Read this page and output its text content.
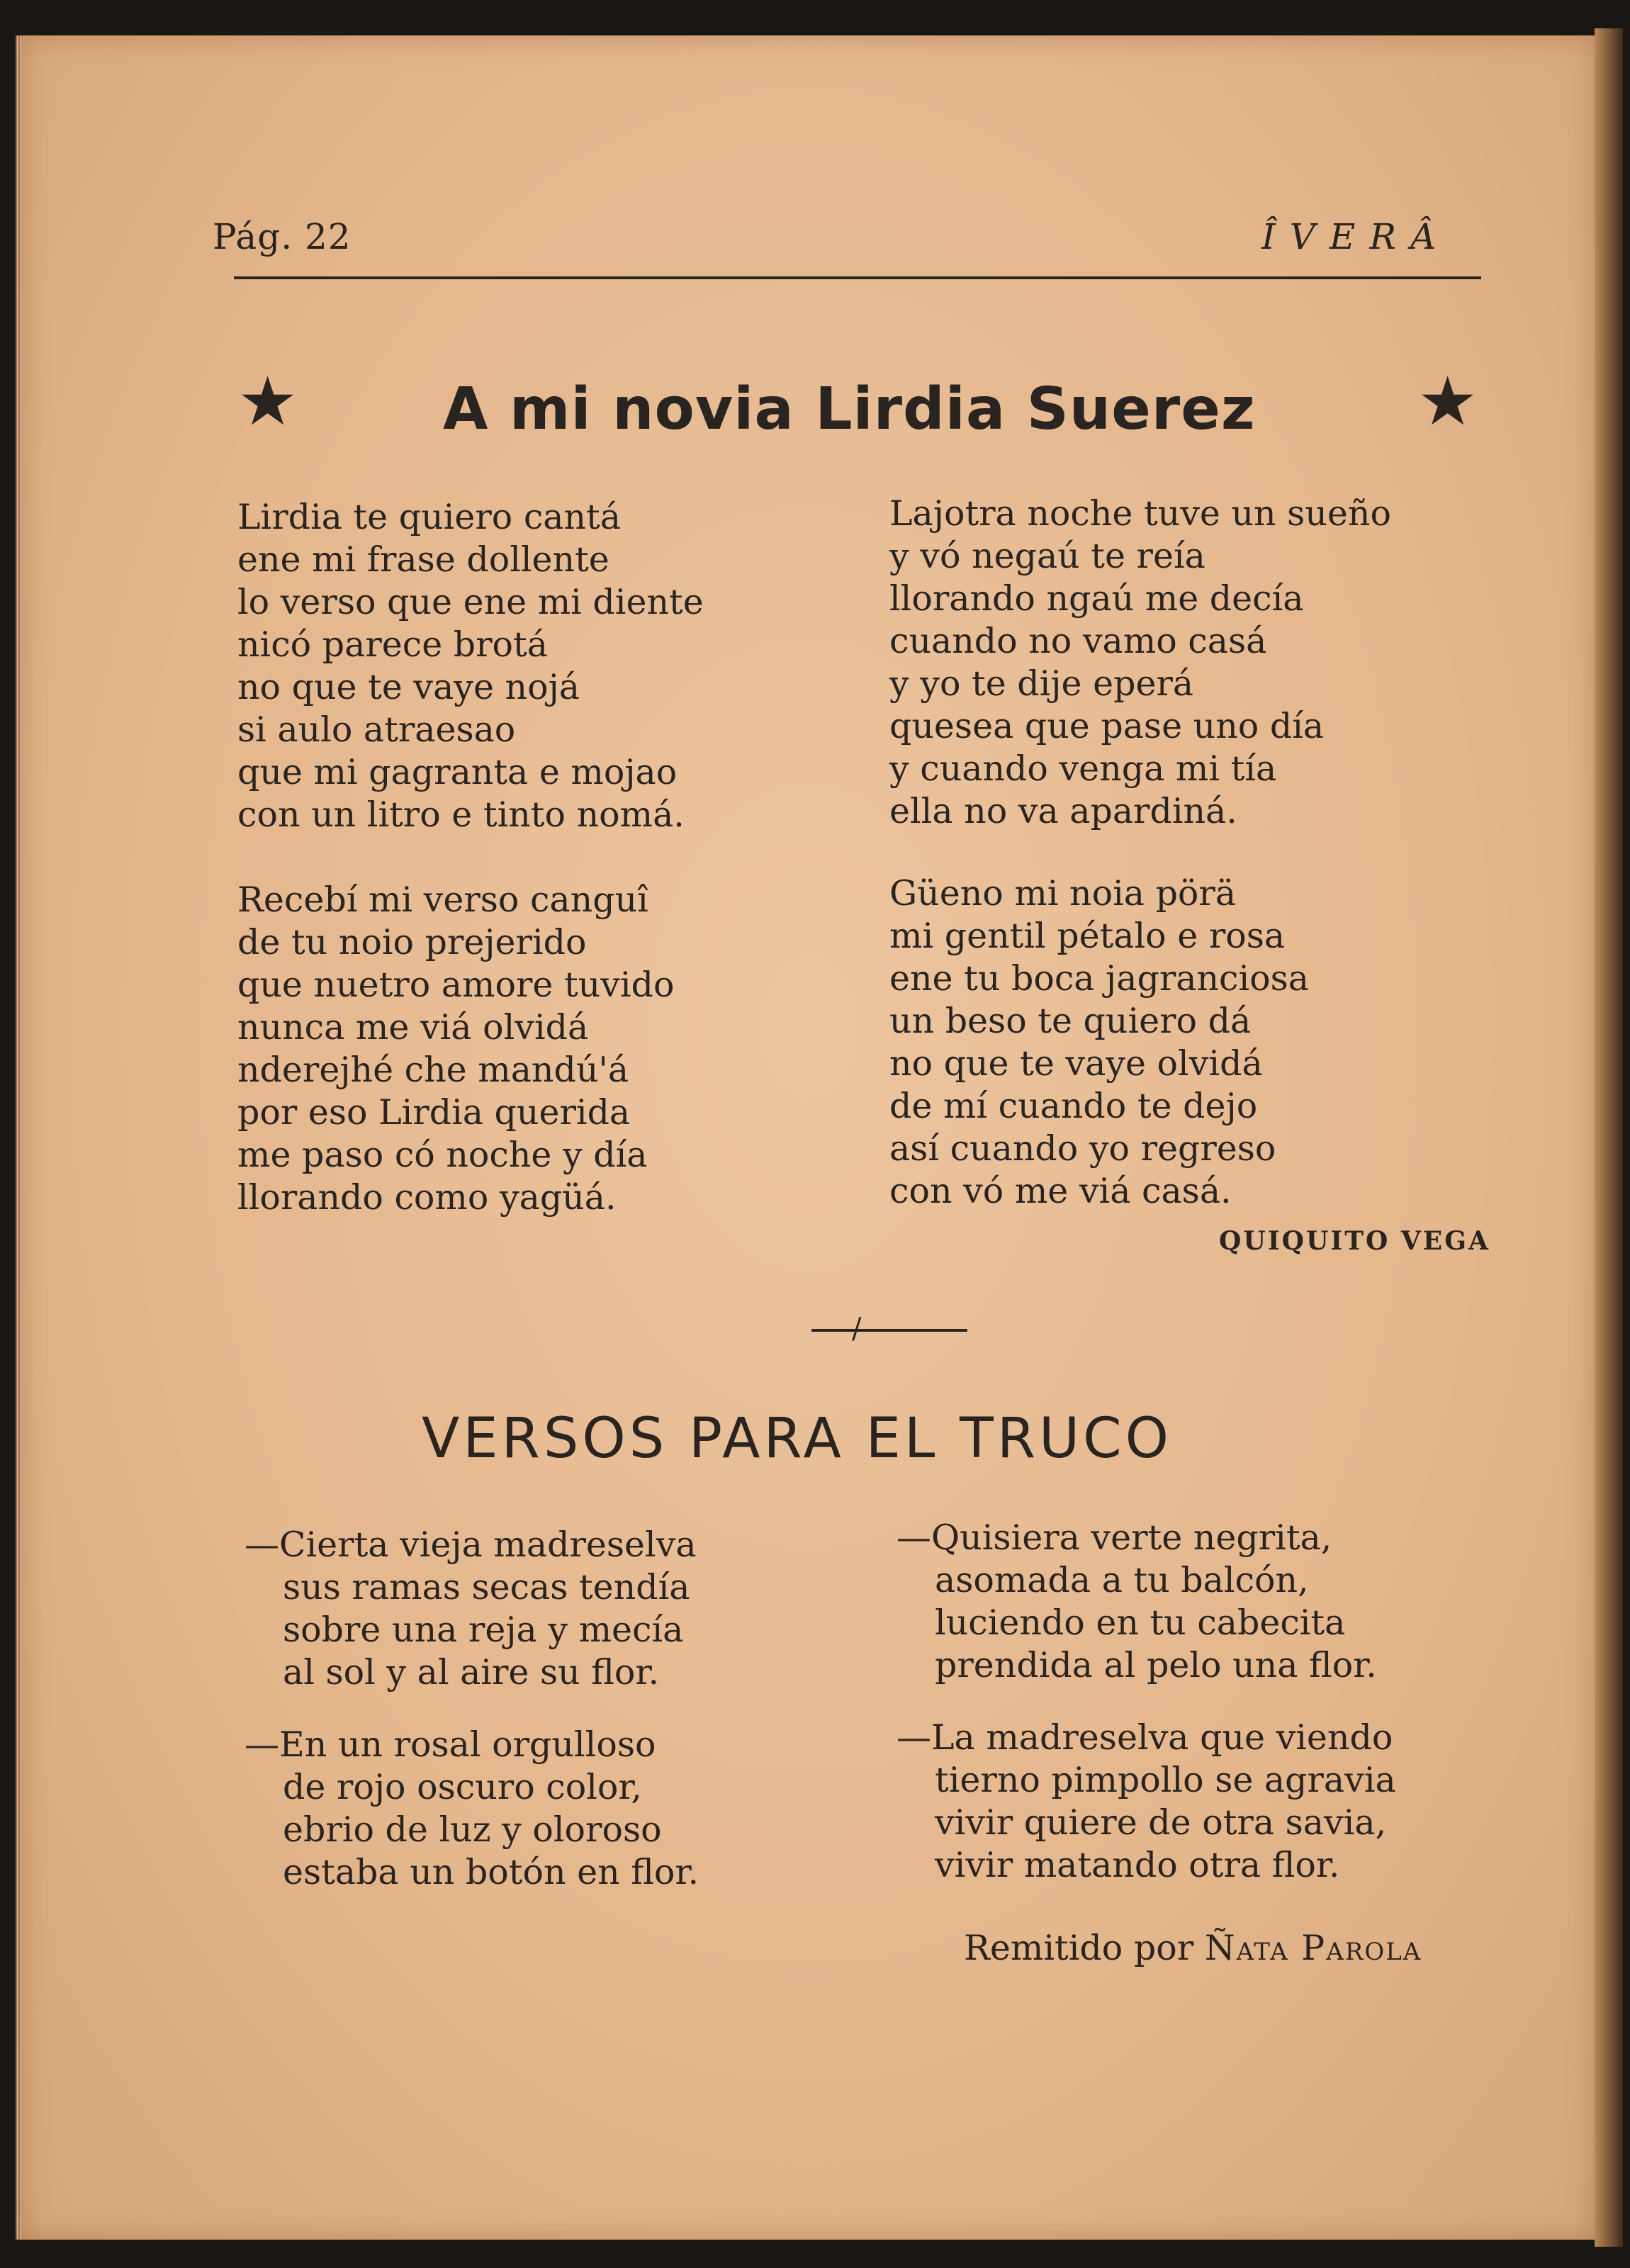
Pág. 22	ÎVERÂ
★ A mi novia Lirdia Suerez ★
Lirdia te quiero cantá
ene mi frase dollente
lo verso que ene mi diente
nicó parece brotá
no que te vaye nojá
si aulo atraesao
que mi gagranta e mojao
con un litro e tinto nomá.
Recebí mi verso canguî
de tu noio prejerido
que nuetro amore tuvido
nunca me viá olvidá
nderejhé che mandú'á
por eso Lirdia querida
me paso có noche y día
llorando como yagüá.
Lajotra noche tuve un sueño
y vó negaú te reía
llorando ngaú me decía
cuando no vamo casá
y yo te dije eperá
quesea que pase uno día
y cuando venga mi tía
ella no va apardiná.
Güeno mi noia pörä
mi gentil pétalo e rosa
ene tu boca jagranciosa
un beso te quiero dá
no que te vaye olvidá
de mí cuando te dejo
así cuando yo regreso
con vó me viá casá.
QUIQUITO VEGA
/
VERSOS PARA EL TRUCO
—Cierta vieja madreselva
sus ramas secas tendía
sobre una reja y mecía
al sol y al aire su flor.
—En un rosal orgulloso
de rojo oscuro color,
ebrio de luz y oloroso
estaba un botón en flor.
—Quisiera verte negrita,
asomada a tu balcón,
luciendo en tu cabecita
prendida al pelo una flor.
—La madreselva que viendo
tierno pimpollo se agravia
vivir quiere de otra savia,
vivir matando otra flor.
Remitido por Ñata Parola
